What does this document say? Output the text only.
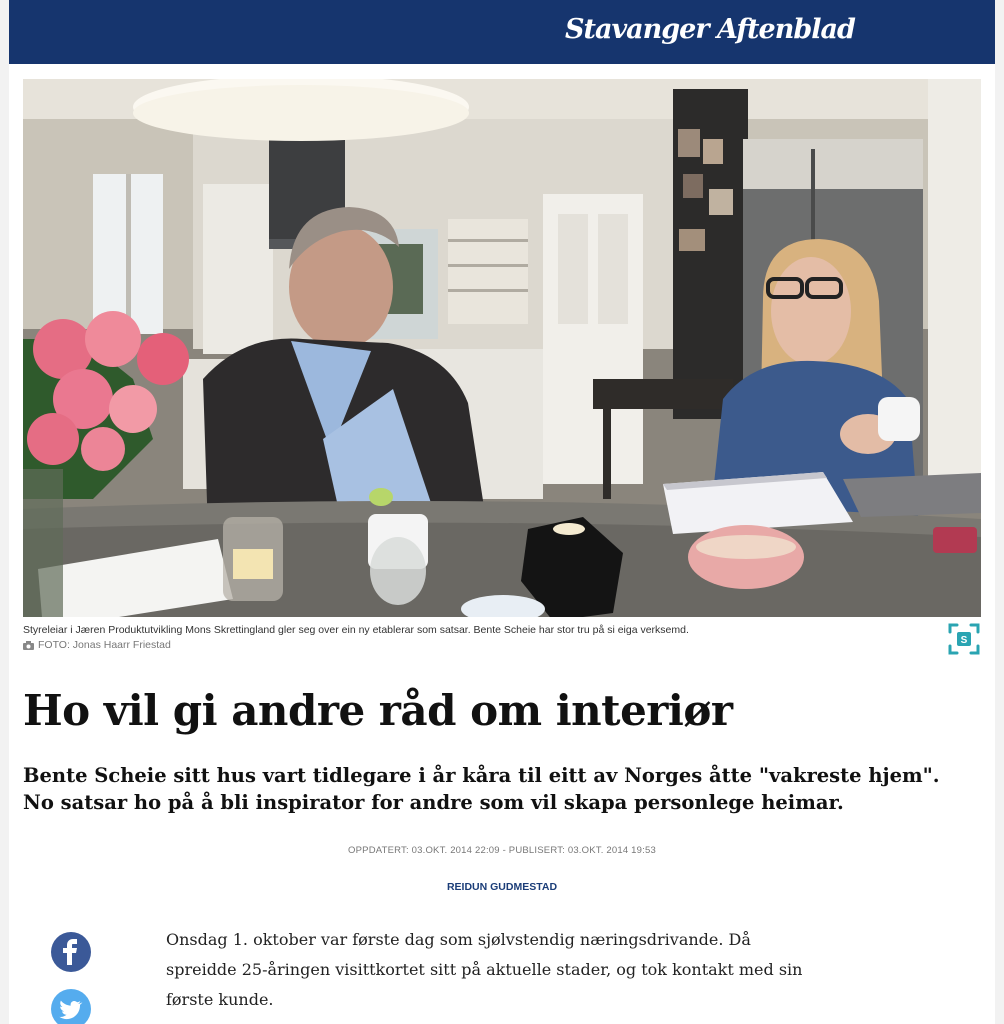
Stavanger Aftenblad
Styreleiar i Jæren Produktutvikling Mons Skrettingland gler seg over ein ny etablerar som satsar. Bente Scheie har stor tru på si eiga verksemd.
FOTO: Jonas Haarr Friestad	S
Ho vil gi andre råd om interiør

Bente Scheie sitt hus vart tidlegare i år kåra til eitt av Norges åtte "vakreste hjem". No satsar ho på å bli inspirator for andre som vil skapa personlege heimar.

OPPDATERT: 03.OKT. 2014 22:09 - PUBLISERT: 03.OKT. 2014 19:53
REIDUN GUDMESTAD

Onsdag 1. oktober var første dag som sjølvstendig næringsdrivande. Då spreidde 25-åringen visittkortet sitt på aktuelle stader, og tok kontakt med sin første kunde.
